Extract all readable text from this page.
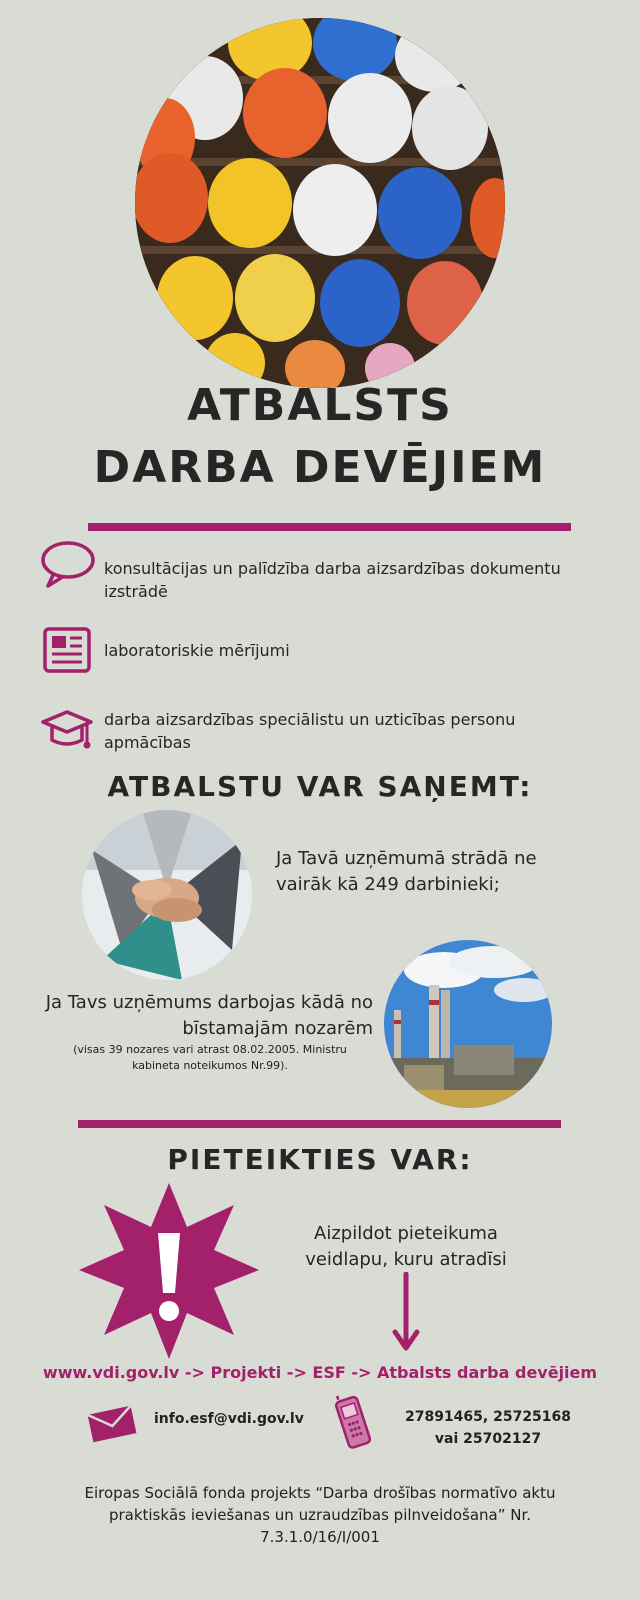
ATBALSTS
DARBA DEVĒJIEM
konsultācijas un palīdzība darba aizsardzības dokumentu izstrādē
laboratoriskie mērījumi
darba aizsardzības speciālistu un uzticības personu apmācības
ATBALSTU VAR SAŅEMT:
Ja Tavā uzņēmumā strādā ne vairāk kā 249 darbinieki;
Ja Tavs uzņēmums darbojas kādā no bīstamajām nozarēm
(visas 39 nozares vari atrast 08.02.2005. Ministru kabineta noteikumos Nr.99).
PIETEIKTIES VAR:
Aizpildot pieteikuma veidlapu, kuru atradīsi
www.vdi.gov.lv -> Projekti -> ESF -> Atbalsts darba devējiem
info.esf@vdi.gov.lv	27891465, 25725168 vai 25702127
Eiropas Sociālā fonda projekts “Darba drošības normatīvo aktu praktiskās ieviešanas un uzraudzības pilnveidošana” Nr. 7.3.1.0/16/I/001
